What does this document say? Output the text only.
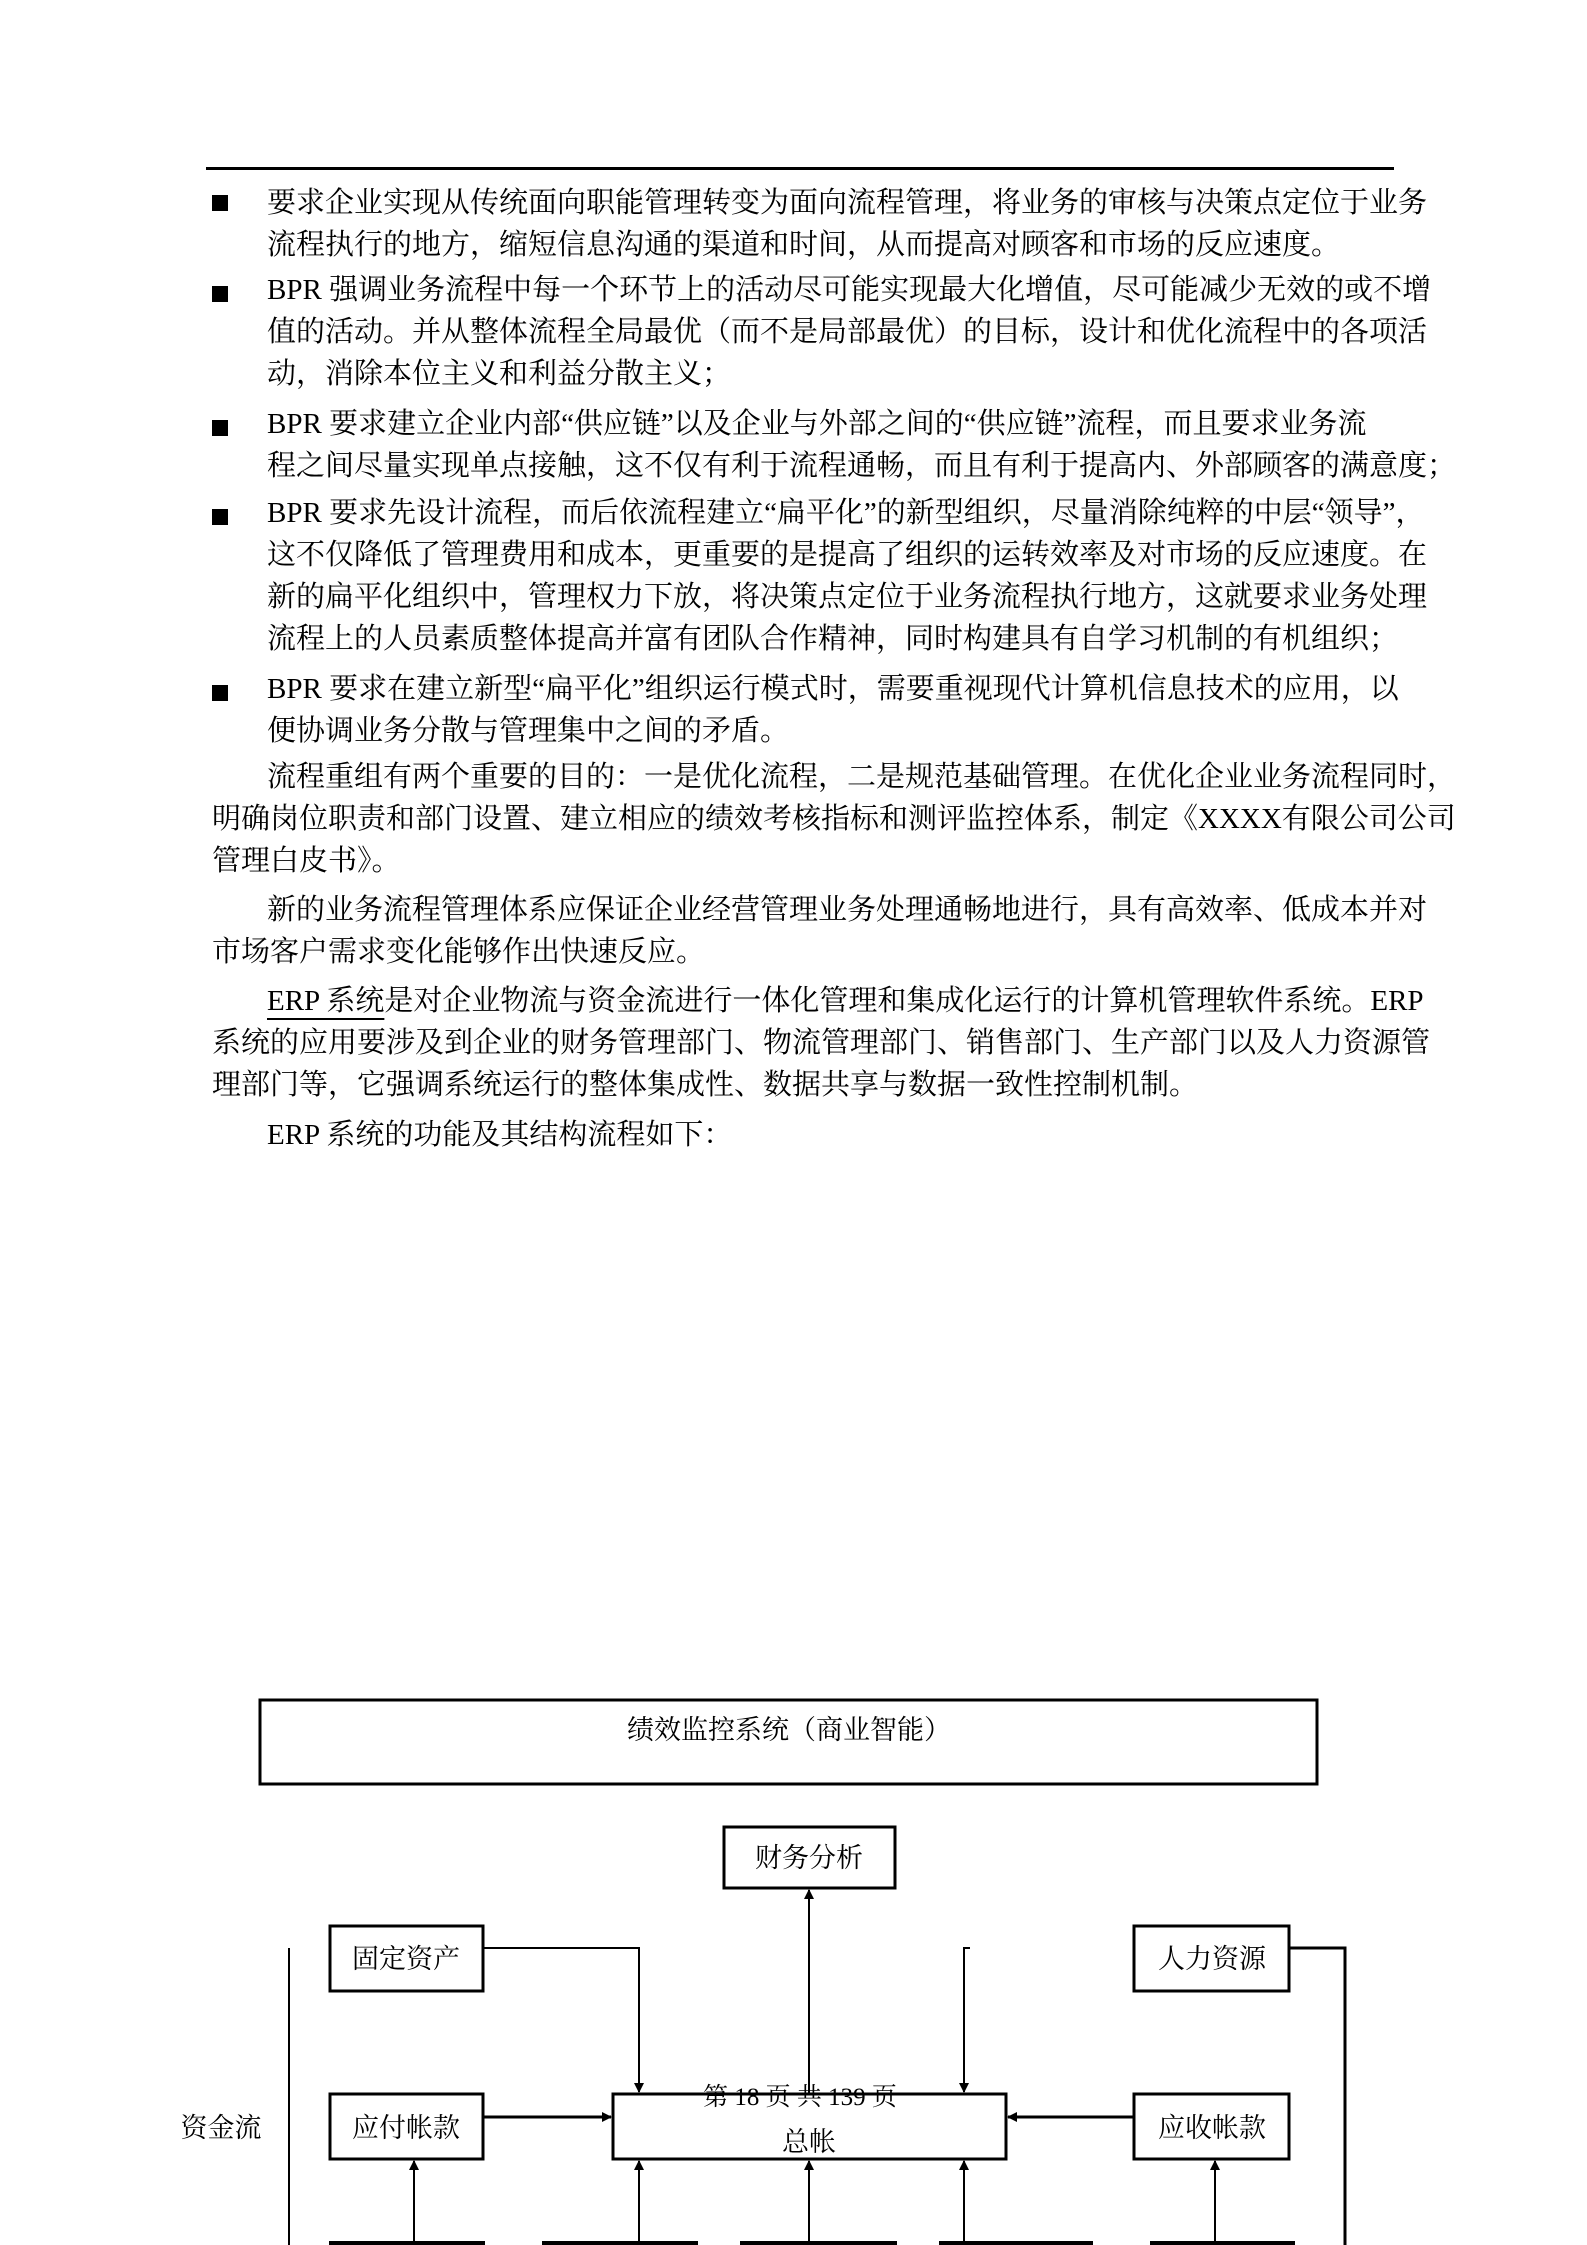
要求企业实现从传统面向职能管理转变为面向流程管理，将业务的审核与决策点定位于业务
流程执行的地方，缩短信息沟通的渠道和时间，从而提高对顾客和市场的反应速度。
BPR 强调业务流程中每一个环节上的活动尽可能实现最大化增值，尽可能减少无效的或不增
值的活动。并从整体流程全局最优（而不是局部最优）的目标，设计和优化流程中的各项活
动，消除本位主义和利益分散主义；
BPR 要求建立企业内部“供应链”以及企业与外部之间的“供应链”流程，而且要求业务流
程之间尽量实现单点接触，这不仅有利于流程通畅，而且有利于提高内、外部顾客的满意度；
BPR 要求先设计流程，而后依流程建立“扁平化”的新型组织，尽量消除纯粹的中层“领导”，
这不仅降低了管理费用和成本，更重要的是提高了组织的运转效率及对市场的反应速度。在
新的扁平化组织中，管理权力下放，将决策点定位于业务流程执行地方，这就要求业务处理
流程上的人员素质整体提高并富有团队合作精神，同时构建具有自学习机制的有机组织；
BPR 要求在建立新型“扁平化”组织运行模式时，需要重视现代计算机信息技术的应用，以
便协调业务分散与管理集中之间的矛盾。
流程重组有两个重要的目的：一是优化流程，二是规范基础管理。在优化企业业务流程同时，
明确岗位职责和部门设置、建立相应的绩效考核指标和测评监控体系，制定《XXXX有限公司公司
管理白皮书》。
新的业务流程管理体系应保证企业经营管理业务处理通畅地进行，具有高效率、低成本并对
市场客户需求变化能够作出快速反应。
ERP 系统是对企业物流与资金流进行一体化管理和集成化运行的计算机管理软件系统。ERP
系统的应用要涉及到企业的财务管理部门、物流管理部门、销售部门、生产部门以及人力资源管
理部门等，它强调系统运行的整体集成性、数据共享与数据一致性控制机制。
ERP 系统的功能及其结构流程如下：
绩效监控系统（商业智能）
财务分析
固定资产	人力资源
应付帐款	总帐	应收帐款
资金流
第 18 页 共 139 页
